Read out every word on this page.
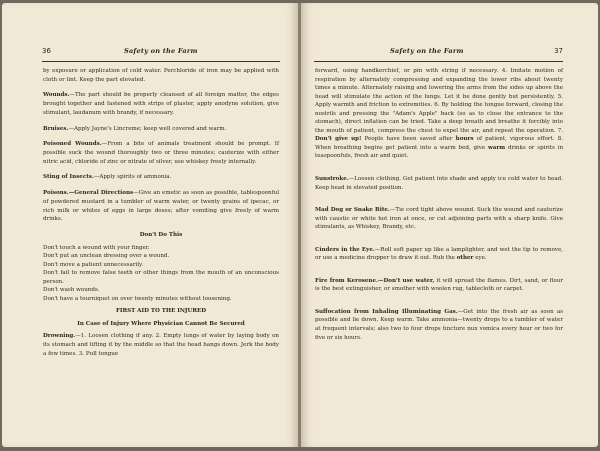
36	Safety on the Farm

by exposure or application of cold water. Perchloride of iron may be applied with cloth or lint. Keep the part elevated.

Wounds.—The part should be properly cleansed of all foreign matter, the edges brought together and fastened with strips of plaster, apply anodyne solution, give stimulant, laudanum with brandy, if necessary.

Bruises.—Apply Jayne's Lincreme; keep well covered and warm.

Poisoned Wounds.—From a bite of animals treatment should be prompt. If possible suck the wound thoroughly two or three minutes; cauterize with either nitric acid, chloride of zinc or nitrate of silver, use whiskey freely internally.

Sting of Insects.—Apply spirits of ammonia.

Poisons.—General Directions—Give an emetic as soon as possible, tablespoonful of powdered mustard in a tumbler of warm water, or twenty grains of ipecac, or rich milk or whites of eggs in large doses; after vomiting give freely of warm drinks.

Don't Do This

Don't touch a wound with your finger.

Don't put an unclean dressing over a wound.

Don't move a patient unnecessarily.

Don't fail to remove false teeth or other things from the mouth of an unconscious person.

Don't wash wounds.

Don't have a tourniquet on over twenty minutes without loosening.

FIRST AID TO THE INJURED

In Case of Injury Where Physician Cannot Be Secured

Drowning.—1. Loosen clothing if any. 2. Empty lungs of water by laying body on its stomach and lifting it by the middle so that the head hangs down. Jerk the body a few times. 3. Pull tongue

Safety on the Farm	37

forward, using handkerchief, or pin with string if necessary. 4. Imitate motion of respiration by alternately compressing and expanding the lower ribs about twenty times a minute. Alternately raising and lowering the arms from the sides up above the head will stimulate the action of the lungs. Let it be done gently but persistently. 5. Apply warmth and friction to extremities. 6. By holding the tongue forward, closing the nostrils and pressing the "Adam's Apple" back (so as to close the entrance to the stomach), direct inflation can be tried. Take a deep breath and breathe it forcibly into the mouth of patient, compress the chest to expel the air, and repeat the operation. 7. Don't give up! People have been saved after hours of patient, vigorous effort. 8. When breathing begins get patient into a warm bed, give warm drinks or spirits in teaspoonfuls, fresh air and quiet.

Sunstroke.—Loosen clothing. Get patient into shade and apply ice cold water to head. Keep head in elevated position.

Mad Dog or Snake Bite.—Tie cord tight above wound. Suck the wound and cauterize with caustic or white hot iron at once, or cut adjoining parts with a sharp knife. Give stimulants, as Whiskey, Brandy, etc.

Cinders in the Eye.—Roll soft paper up like a lamplighter, and wet the tip to remove, or use a medicine dropper to draw it out. Rub the other eye.

Fire from Kerosene.—Don't use water, it will spread the flames. Dirt, sand, or flour is the best extinguisher, or smother with woolen rug, tablecloth or carpet.

Suffocation from Inhaling Illuminating Gas.—Get into the fresh air as soon as possible and lie down. Keep warm. Take ammonia—twenty drops to a tumbler of water at frequent intervals; also two to four drops tincture nux vomica every hour or two for five or six hours.
